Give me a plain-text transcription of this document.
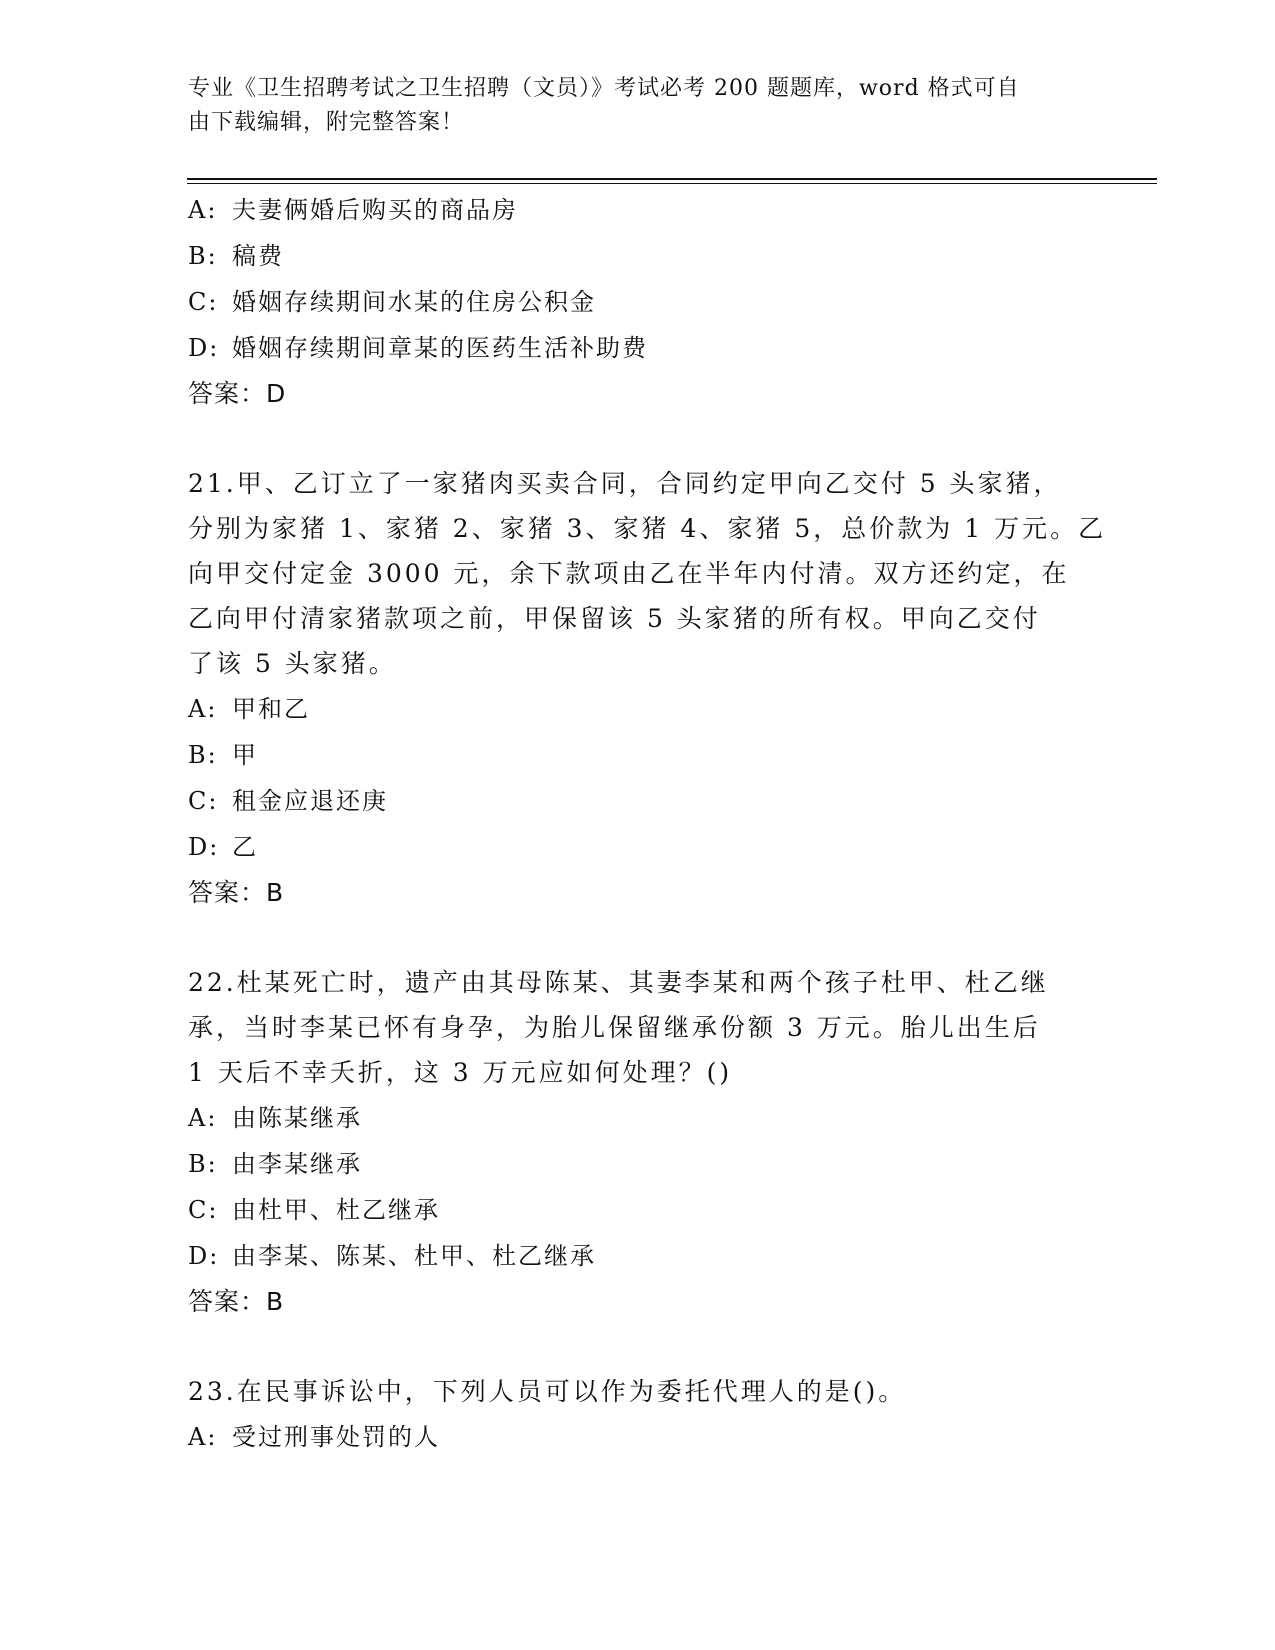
专业《卫生招聘考试之卫生招聘（文员）》考试必考 200 题题库，word 格式可自
由下载编辑，附完整答案！
A: 夫妻俩婚后购买的商品房
B: 稿费
C: 婚姻存续期间水某的住房公积金
D: 婚姻存续期间章某的医药生活补助费
答案：D
21.甲、乙订立了一家猪肉买卖合同，合同约定甲向乙交付 5 头家猪，
分别为家猪 1、家猪 2、家猪 3、家猪 4、家猪 5，总价款为 1 万元。乙
向甲交付定金 3000 元，余下款项由乙在半年内付清。双方还约定，在
乙向甲付清家猪款项之前，甲保留该 5 头家猪的所有权。甲向乙交付
了该 5 头家猪。
A: 甲和乙
B: 甲
C: 租金应退还庚
D: 乙
答案：B
22.杜某死亡时，遗产由其母陈某、其妻李某和两个孩子杜甲、杜乙继
承，当时李某已怀有身孕，为胎儿保留继承份额 3 万元。胎儿出生后
1 天后不幸夭折，这 3 万元应如何处理？()
A: 由陈某继承
B: 由李某继承
C: 由杜甲、杜乙继承
D: 由李某、陈某、杜甲、杜乙继承
答案：B
23.在民事诉讼中，下列人员可以作为委托代理人的是()。
A: 受过刑事处罚的人
